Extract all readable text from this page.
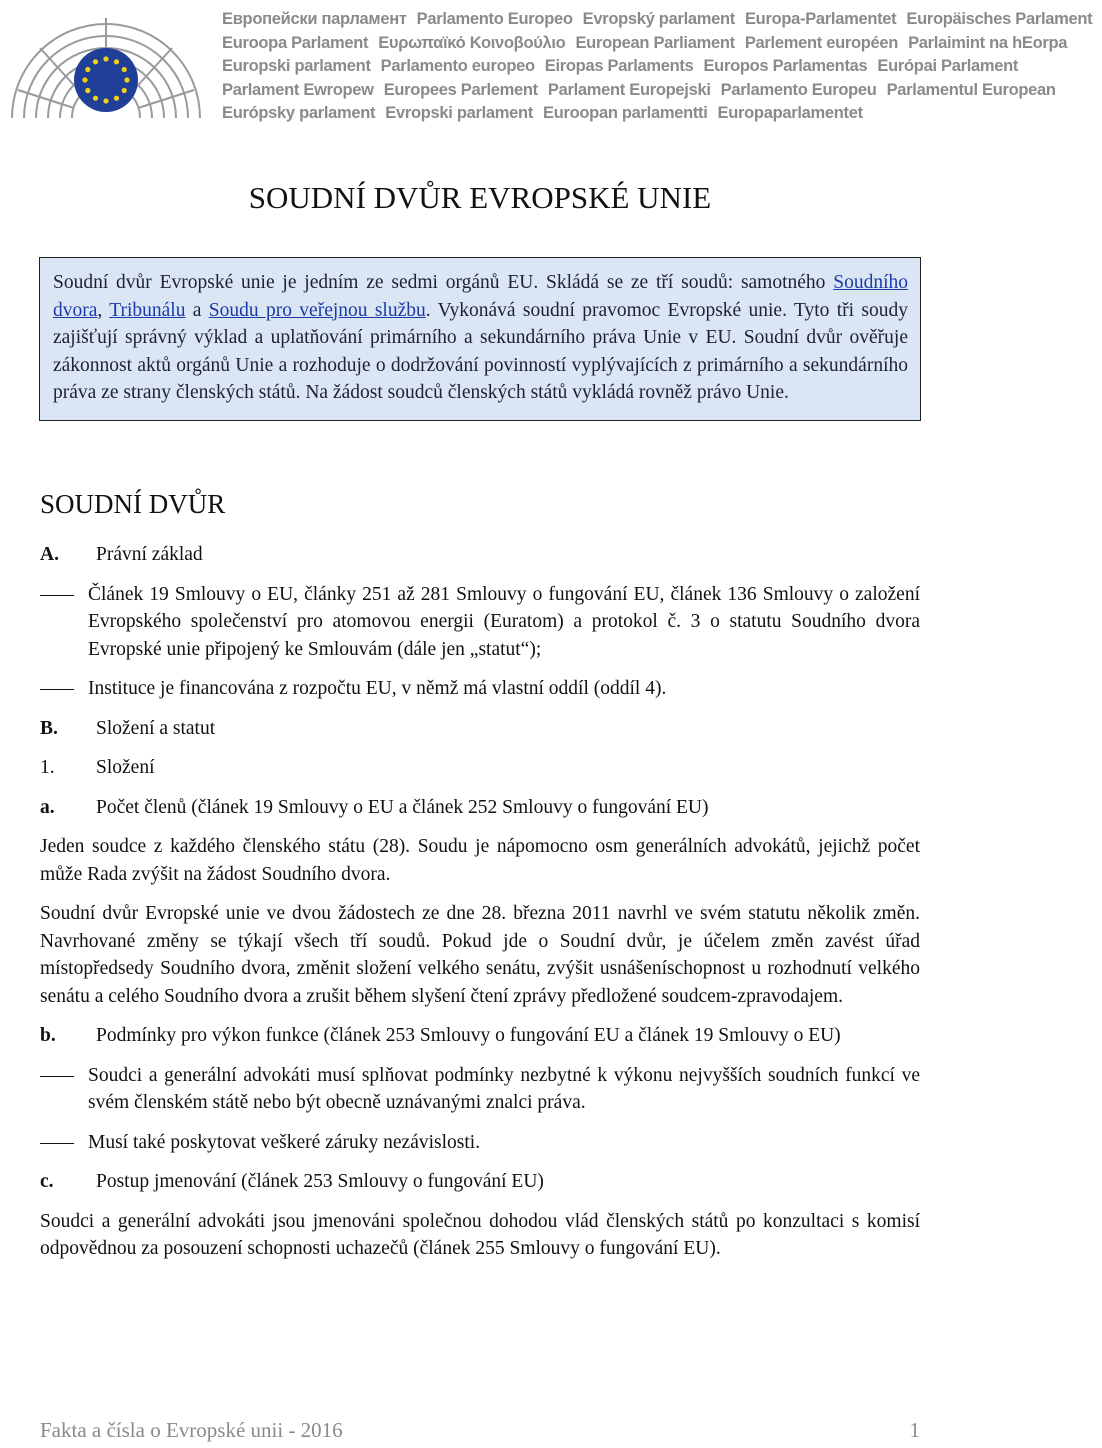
Европейски парламент Parlamento Europeo Evropský parlament Europa-Parlamentet Europäisches Parlament
Euroopa Parlament Ευρωπαϊκό Κοινοβούλιο European Parliament Parlement européen Parlaimint na hEorpa
Europski parlament Parlamento europeo Eiropas Parlaments Europos Parlamentas Európai Parlament
Parlament Ewropew Europees Parlement Parlament Europejski Parlamento Europeu Parlamentul European
Európsky parlament Evropski parlament Euroopan parlamentti Europaparlamentet
SOUDNÍ DVŮR EVROPSKÉ UNIE
Soudní dvůr Evropské unie je jedním ze sedmi orgánů EU. Skládá se ze tří soudů: samotného Soudního dvora, Tribunálu a Soudu pro veřejnou službu. Vykonává soudní pravomoc Evropské unie. Tyto tři soudy zajišťují správný výklad a uplatňování primárního a sekundárního práva Unie v EU. Soudní dvůr ověřuje zákonnost aktů orgánů Unie a rozhoduje o dodržování povinností vyplývajících z primárního a sekundárního práva ze strany členských států. Na žádost soudců členských států vykládá rovněž právo Unie.
SOUDNÍ DVŮR
A. Právní základ
Článek 19 Smlouvy o EU, články 251 až 281 Smlouvy o fungování EU, článek 136 Smlouvy o založení Evropského společenství pro atomovou energii (Euratom) a protokol č. 3 o statutu Soudního dvora Evropské unie připojený ke Smlouvám (dále jen „statut“);
Instituce je financována z rozpočtu EU, v němž má vlastní oddíl (oddíl 4).
B. Složení a statut
1. Složení
a. Počet členů (článek 19 Smlouvy o EU a článek 252 Smlouvy o fungování EU)

Jeden soudce z každého členského státu (28). Soudu je nápomocno osm generálních advokátů, jejichž počet může Rada zvýšit na žádost Soudního dvora.

Soudní dvůr Evropské unie ve dvou žádostech ze dne 28. března 2011 navrhl ve svém statutu několik změn. Navrhované změny se týkají všech tří soudů. Pokud jde o Soudní dvůr, je účelem změn zavést úřad místopředsedy Soudního dvora, změnit složení velkého senátu, zvýšit usnášeníschopnost u rozhodnutí velkého senátu a celého Soudního dvora a zrušit během slyšení čtení zprávy předložené soudcem-zpravodajem.

b. Podmínky pro výkon funkce (článek 253 Smlouvy o fungování EU a článek 19 Smlouvy o EU)
Soudci a generální advokáti musí splňovat podmínky nezbytné k výkonu nejvyšších soudních funkcí ve svém členském státě nebo být obecně uznávanými znalci práva.
Musí také poskytovat veškeré záruky nezávislosti.
c. Postup jmenování (článek 253 Smlouvy o fungování EU)

Soudci a generální advokáti jsou jmenováni společnou dohodou vlád členských států po konzultaci s komisí odpovědnou za posouzení schopnosti uchazečů (článek 255 Smlouvy o fungování EU).

Fakta a čísla o Evropské unii - 2016	1
